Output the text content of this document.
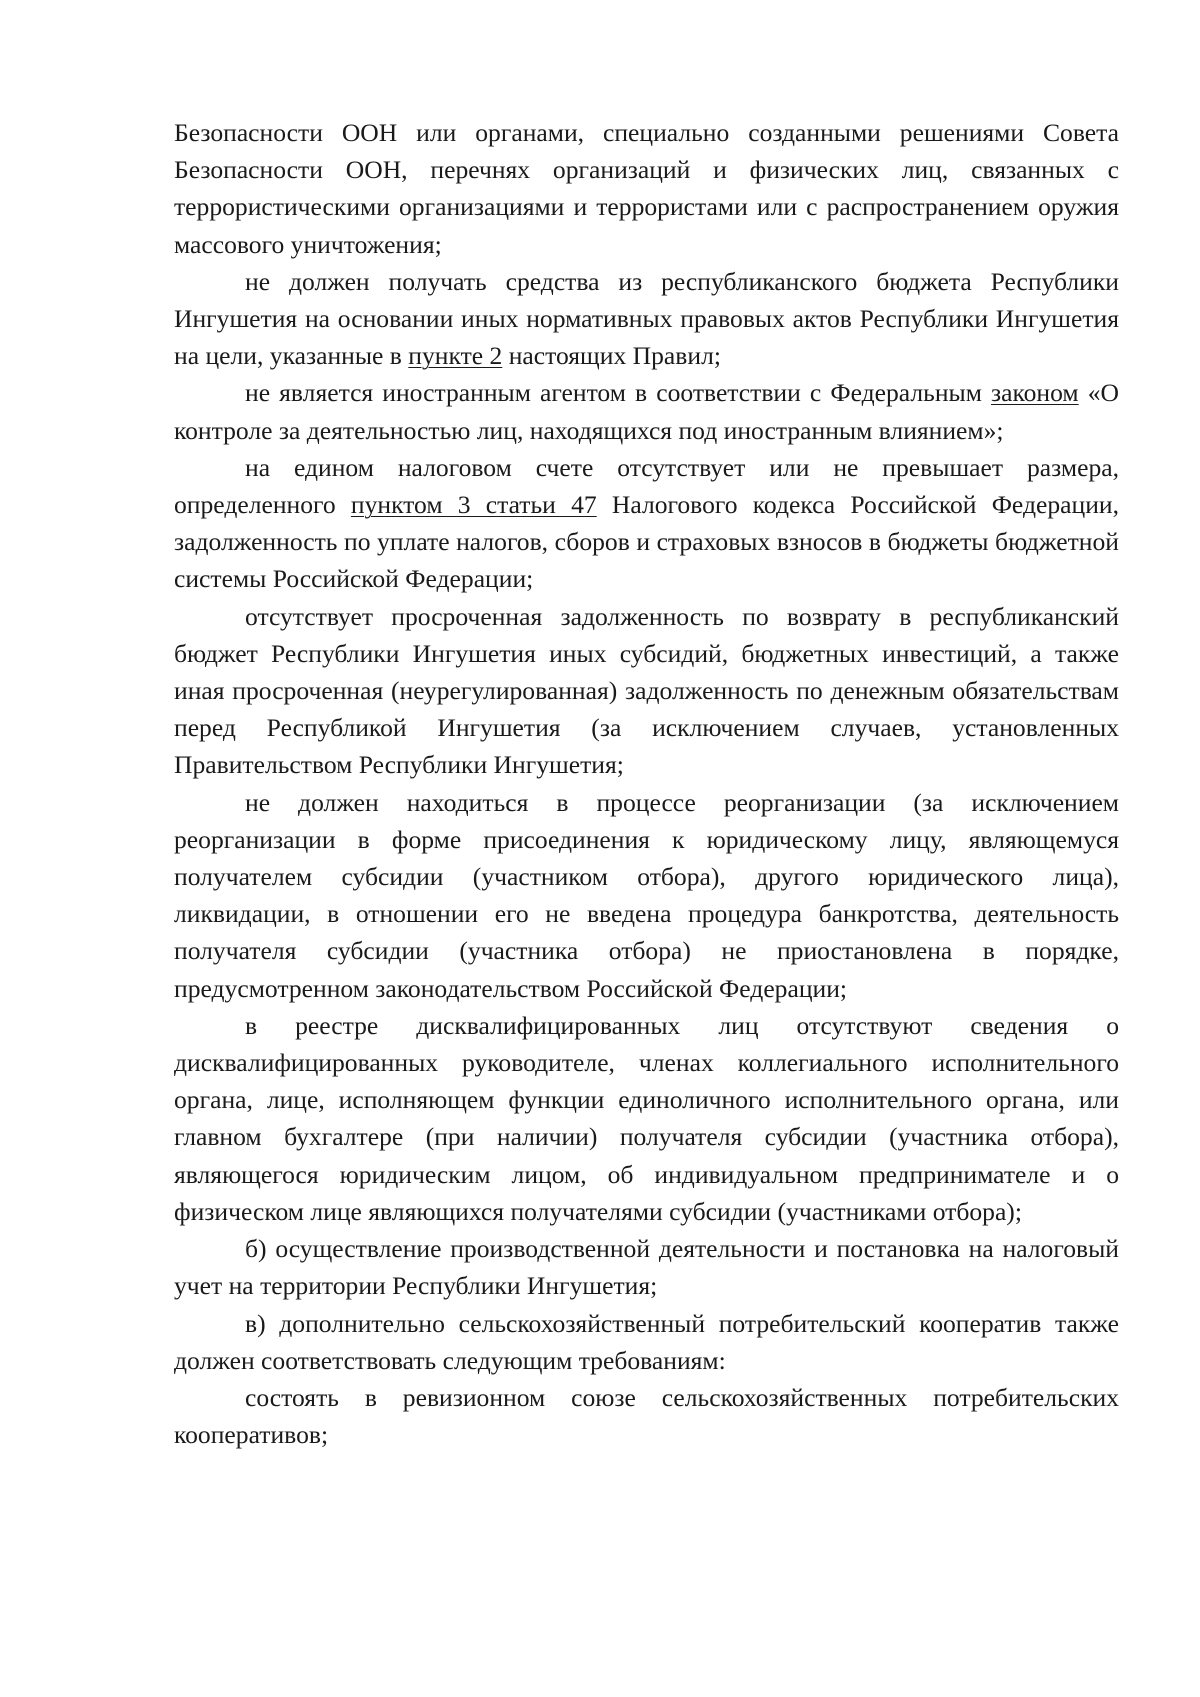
Безопасности ООН или органами, специально созданными решениями Совета Безопасности ООН, перечнях организаций и физических лиц, связанных с террористическими организациями и террористами или с распространением оружия массового уничтожения;

не должен получать средства из республиканского бюджета Республики Ингушетия на основании иных нормативных правовых актов Республики Ингушетия на цели, указанные в пункте 2 настоящих Правил;

не является иностранным агентом в соответствии с Федеральным законом «О контроле за деятельностью лиц, находящихся под иностранным влиянием»;

на едином налоговом счете отсутствует или не превышает размера, определенного пунктом 3 статьи 47 Налогового кодекса Российской Федерации, задолженность по уплате налогов, сборов и страховых взносов в бюджеты бюджетной системы Российской Федерации;

отсутствует просроченная задолженность по возврату в республиканский бюджет Республики Ингушетия иных субсидий, бюджетных инвестиций, а также иная просроченная (неурегулированная) задолженность по денежным обязательствам перед Республикой Ингушетия (за исключением случаев, установленных Правительством Республики Ингушетия;

не должен находиться в процессе реорганизации (за исключением реорганизации в форме присоединения к юридическому лицу, являющемуся получателем субсидии (участником отбора), другого юридического лица), ликвидации, в отношении его не введена процедура банкротства, деятельность получателя субсидии (участника отбора) не приостановлена в порядке, предусмотренном законодательством Российской Федерации;

в реестре дисквалифицированных лиц отсутствуют сведения о дисквалифицированных руководителе, членах коллегиального исполнительного органа, лице, исполняющем функции единоличного исполнительного органа, или главном бухгалтере (при наличии) получателя субсидии (участника отбора), являющегося юридическим лицом, об индивидуальном предпринимателе и о физическом лице являющихся получателями субсидии (участниками отбора);

б) осуществление производственной деятельности и постановка на налоговый учет на территории Республики Ингушетия;

в) дополнительно сельскохозяйственный потребительский кооператив также должен соответствовать следующим требованиям:

состоять в ревизионном союзе сельскохозяйственных потребительских кооперативов;
